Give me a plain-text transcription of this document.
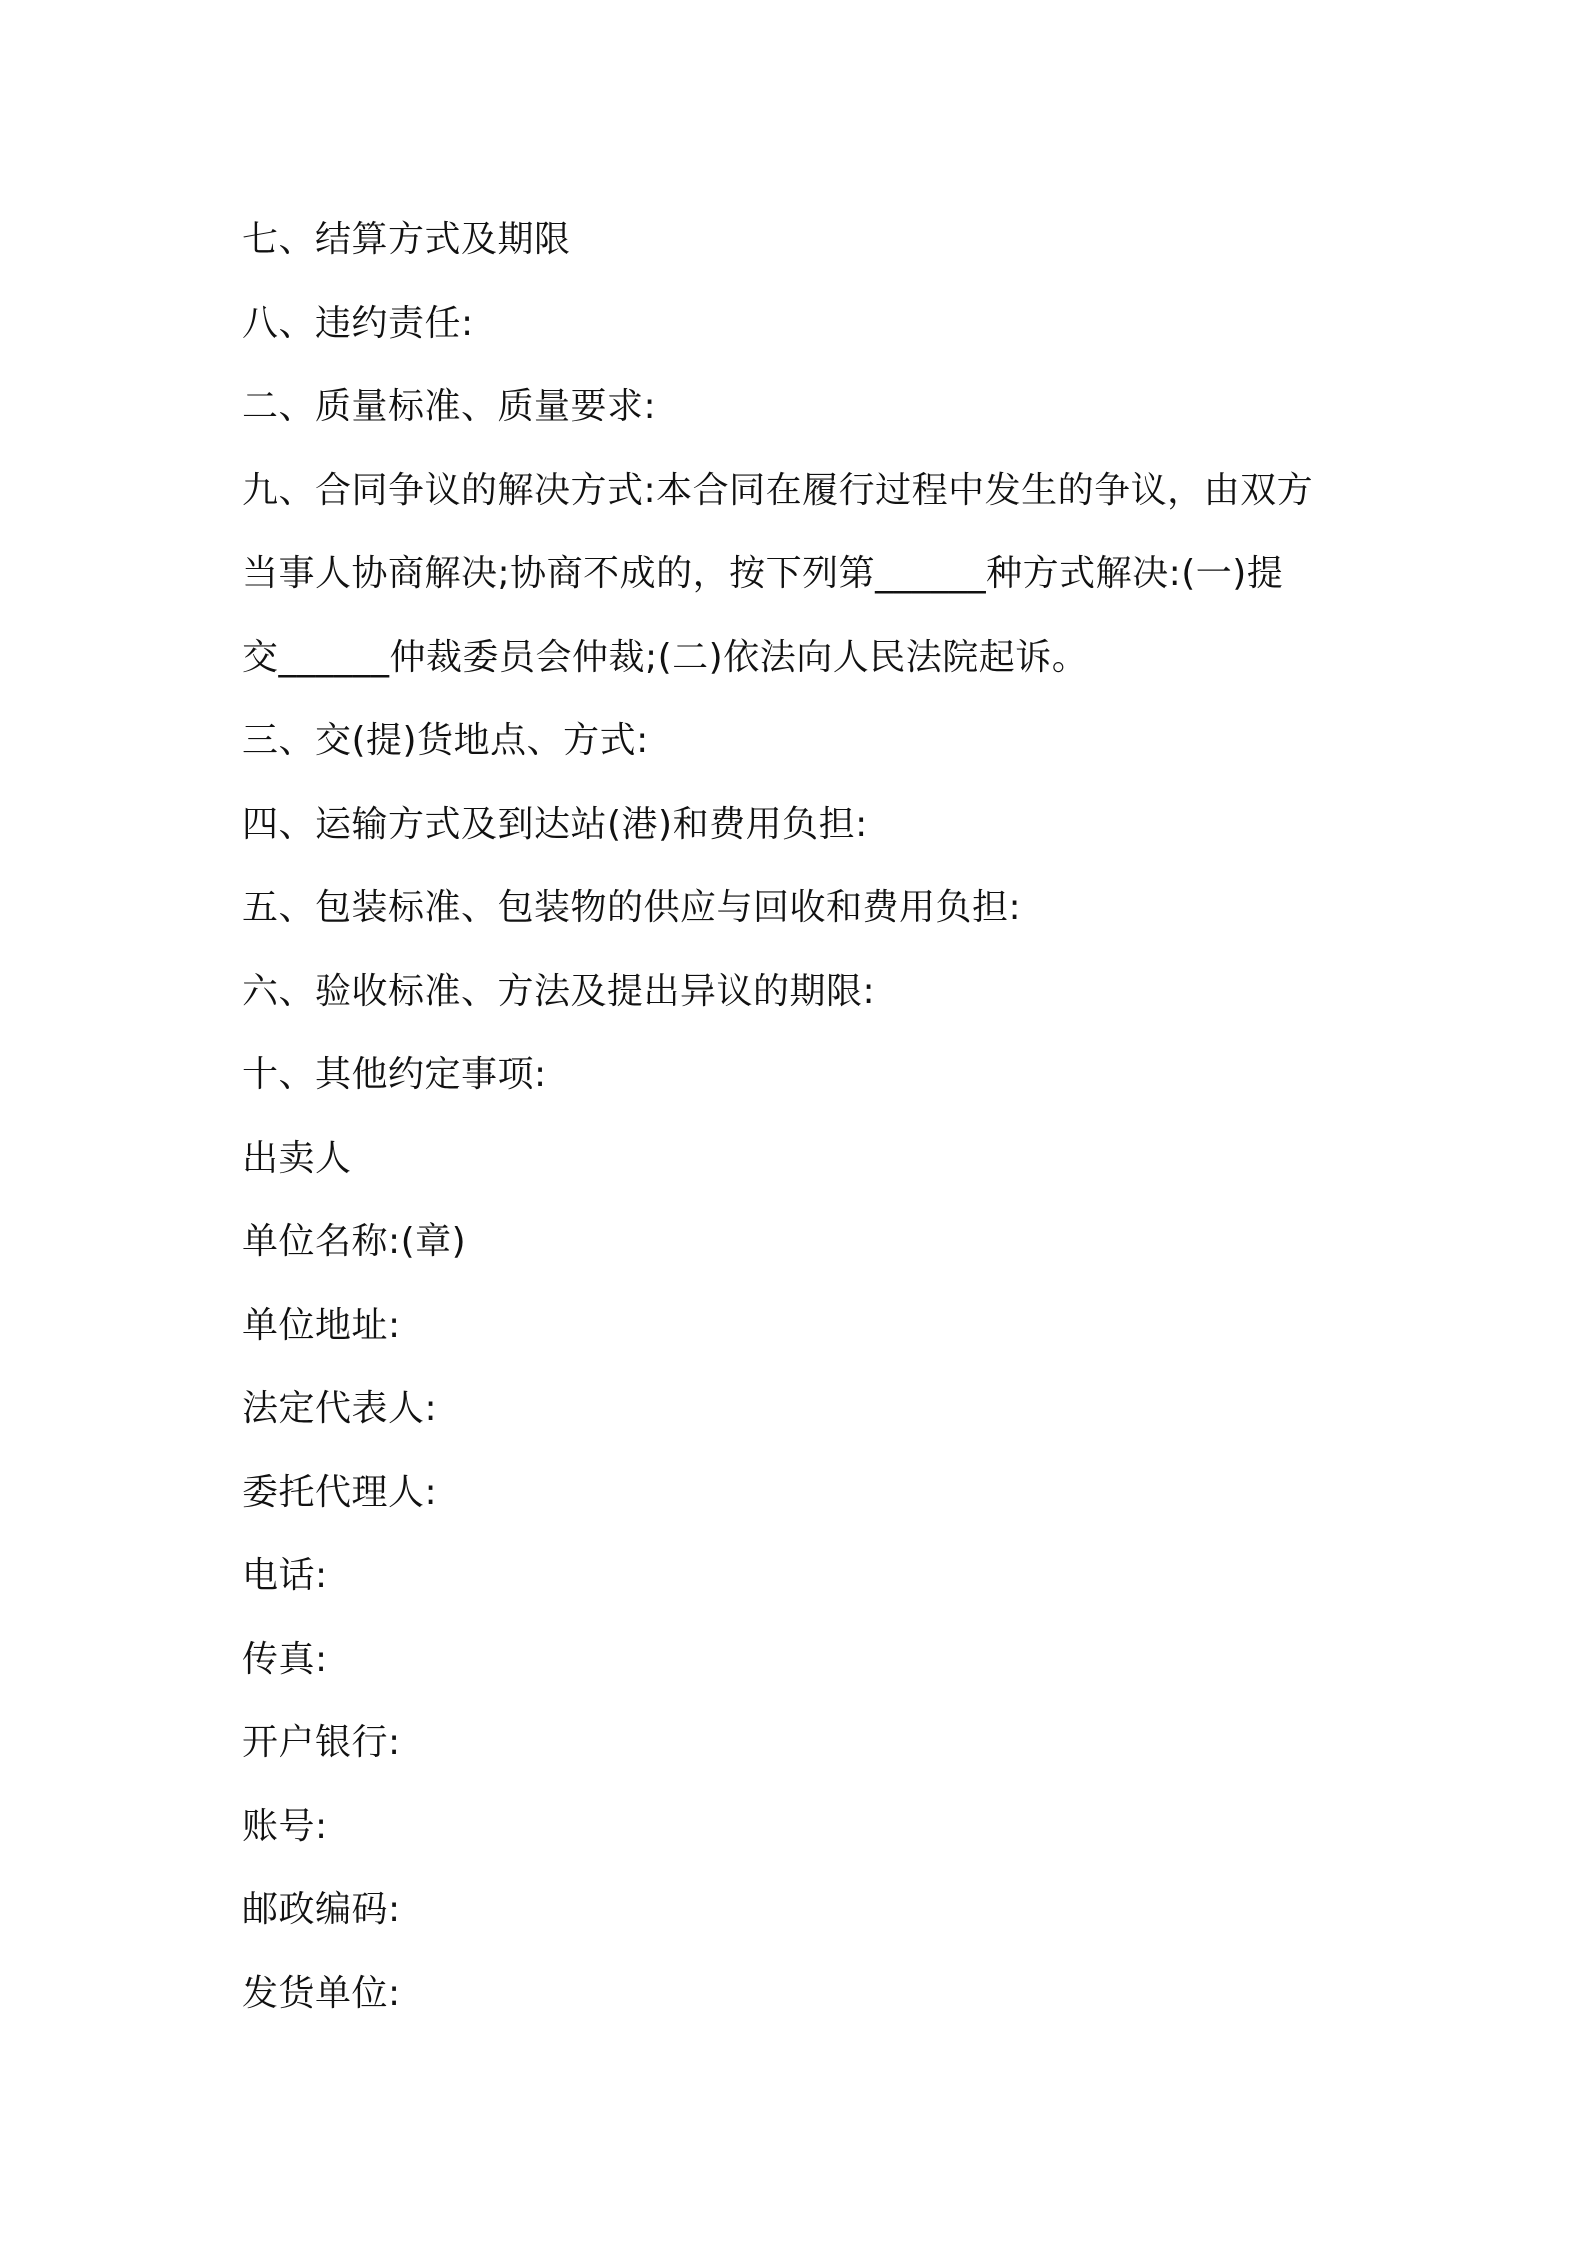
七、结算方式及期限
八、违约责任:
二、质量标准、质量要求:
九、合同争议的解决方式:本合同在履行过程中发生的争议，由双方
当事人协商解决;协商不成的，按下列第______种方式解决:(一)提
交______仲裁委员会仲裁;(二)依法向人民法院起诉。
三、交(提)货地点、方式:
四、运输方式及到达站(港)和费用负担:
五、包装标准、包装物的供应与回收和费用负担:
六、验收标准、方法及提出异议的期限:
十、其他约定事项:
出卖人
单位名称:(章)
单位地址:
法定代表人:
委托代理人:
电话:
传真:
开户银行:
账号:
邮政编码:
发货单位:
